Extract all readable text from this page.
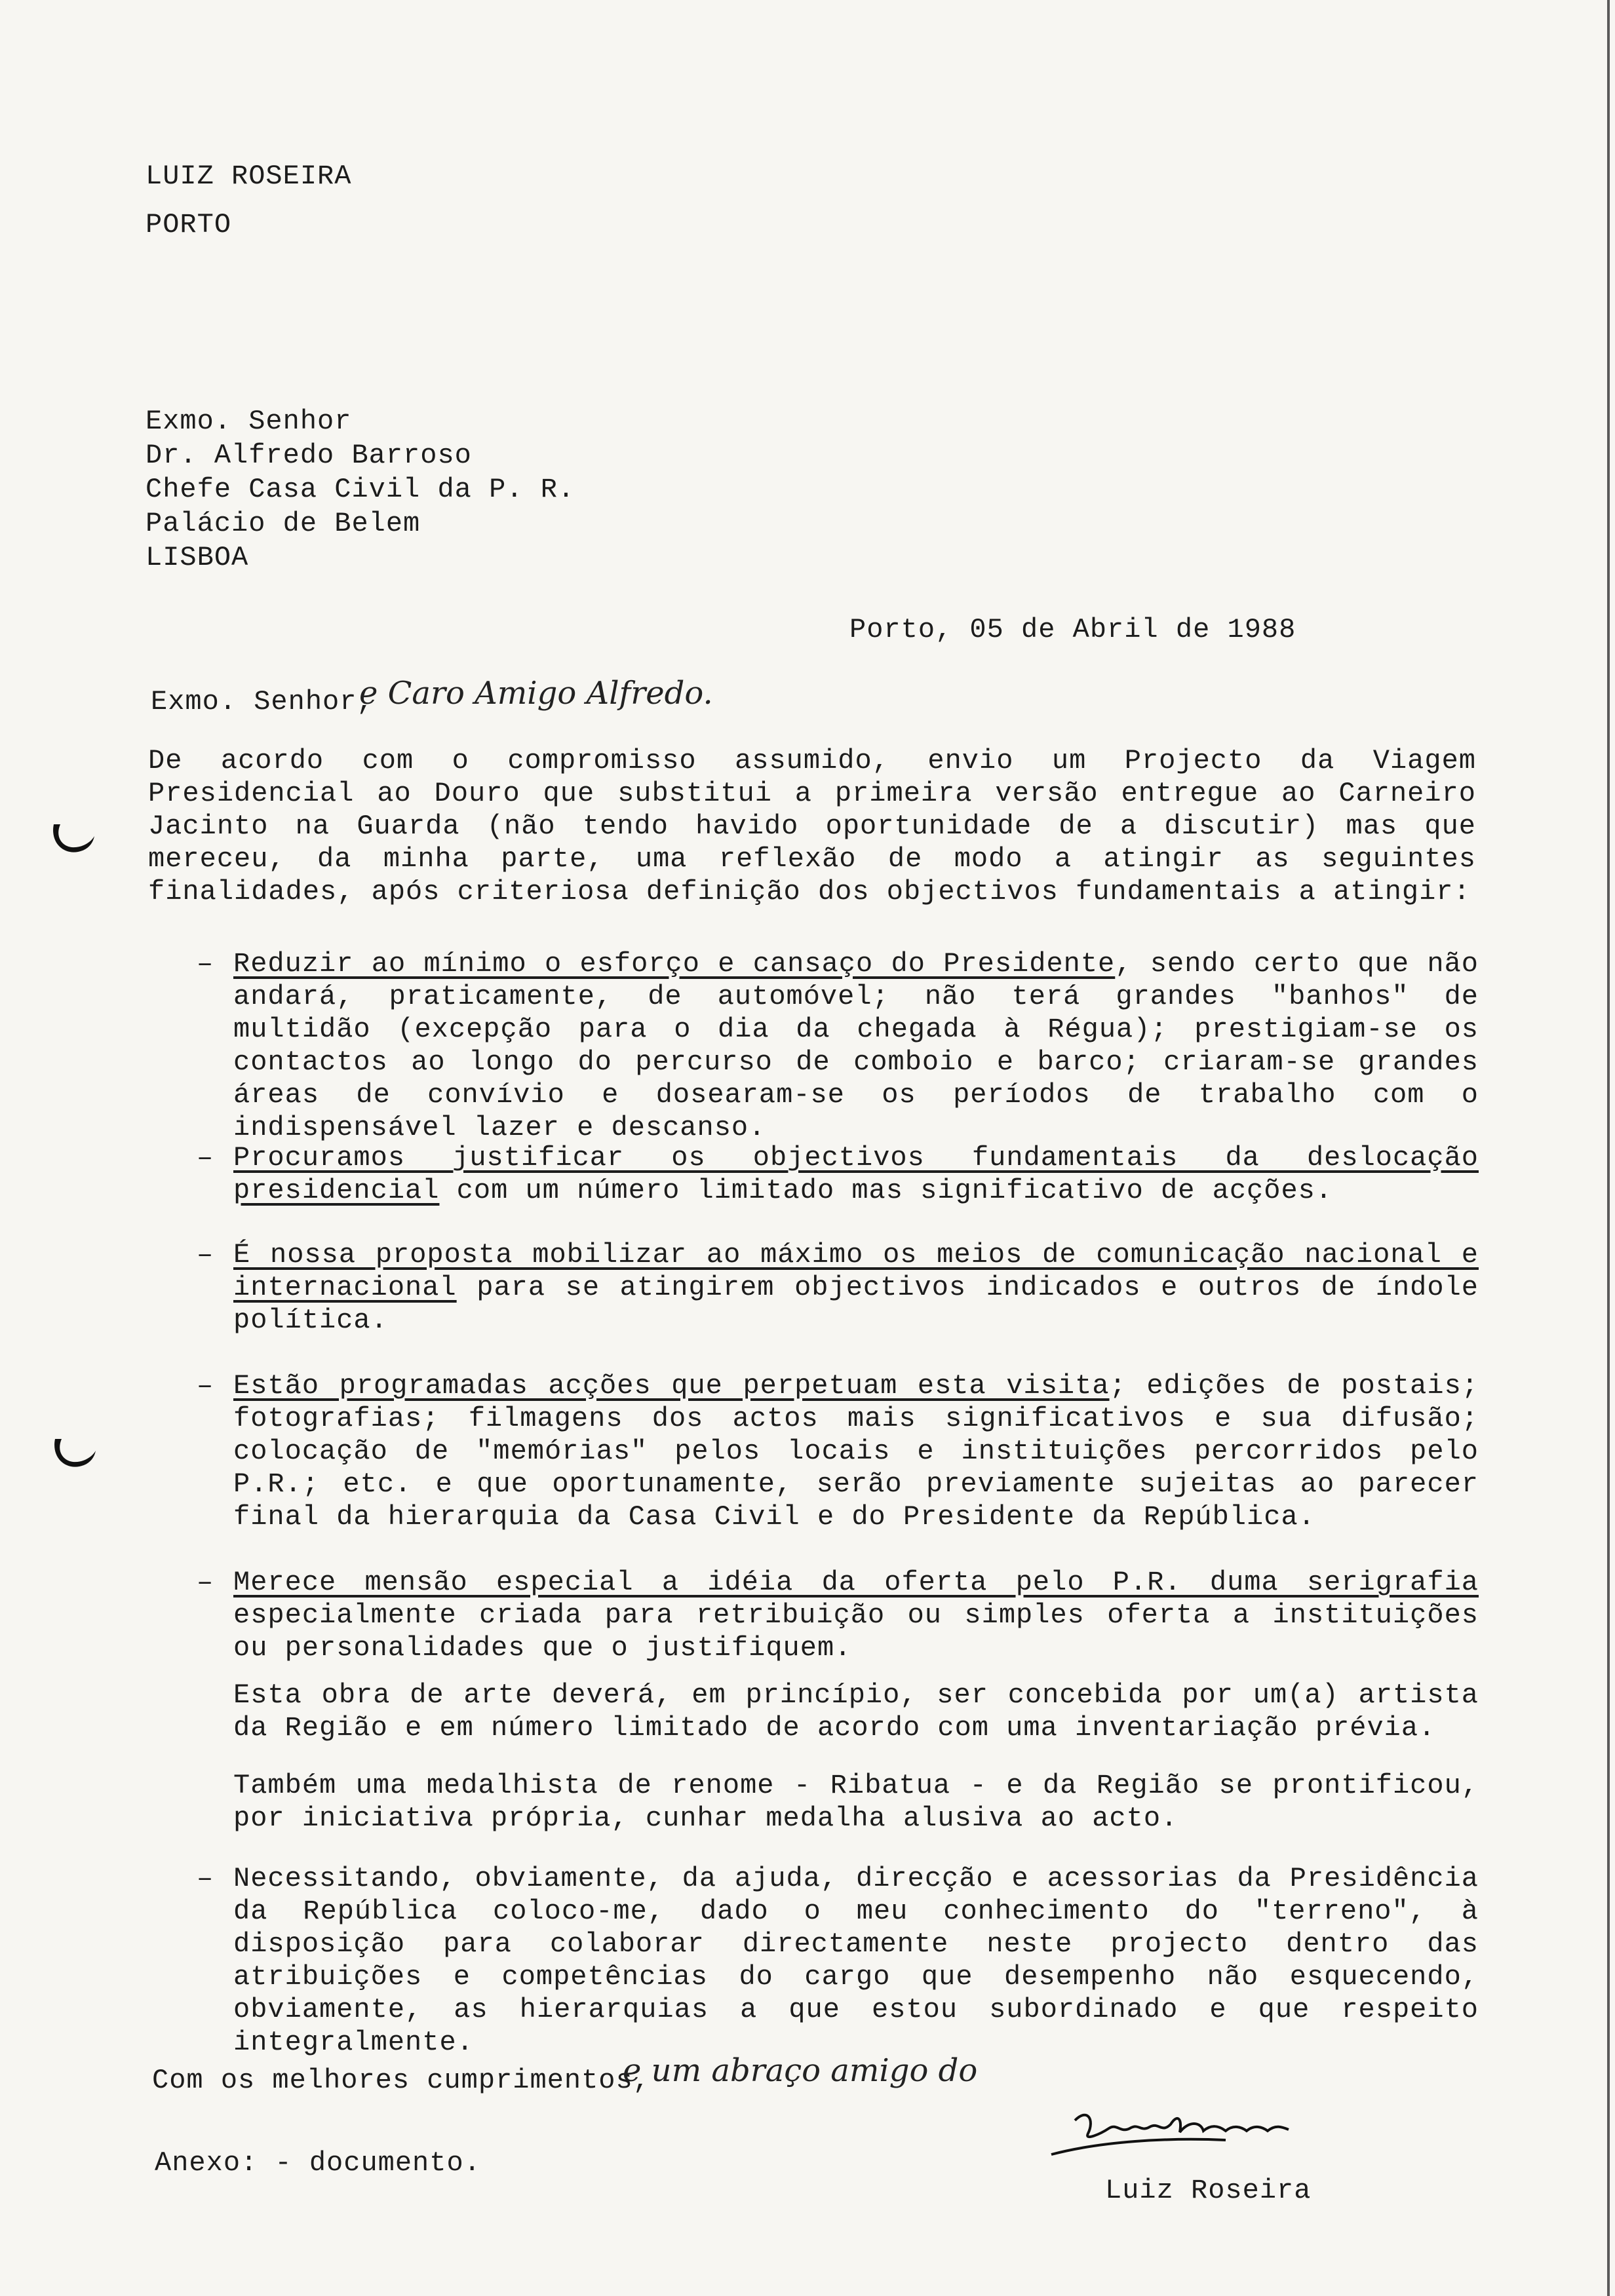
LUIZ ROSEIRA
PORTO
Exmo. Senhor
Dr. Alfredo Barroso
Chefe Casa Civil da P. R.
Palácio de Belem
LISBOA
Porto, 05 de Abril de 1988
Exmo. Senhor,
e Caro Amigo Alfredo.
De acordo com o compromisso assumido, envio um Projecto da Viagem Presidencial ao Douro que substitui a primeira versão entregue ao Carneiro Jacinto na Guarda (não tendo havido oportunidade de a discutir) mas que mereceu, da minha parte, uma reflexão de modo a atingir as seguintes finalidades, após criteriosa definição dos objectivos fundamentais a atingir:
– Reduzir ao mínimo o esforço e cansaço do Presidente, sendo certo que não andará, praticamente, de automóvel; não terá grandes "banhos" de multidão (excepção para o dia da chegada à Régua); prestigiam-se os contactos ao longo do percurso de comboio e barco; criaram-se grandes áreas de convívio e dosearam-se os períodos de trabalho com o indispensável lazer e descanso.
– Procuramos justificar os objectivos fundamentais da deslocação presidencial com um número limitado mas significativo de acções.
– É nossa proposta mobilizar ao máximo os meios de comunicação nacional e internacional para se atingirem objectivos indicados e outros de índole política.
– Estão programadas acções que perpetuam esta visita; edições de postais; fotografias; filmagens dos actos mais significativos e sua difusão; colocação de "memórias" pelos locais e instituições percorridos pelo P.R.; etc. e que oportunamente, serão previamente sujeitas ao parecer final da hierarquia da Casa Civil e do Presidente da República.
– Merece mensão especial a idéia da oferta pelo P.R. duma serigrafia especialmente criada para retribuição ou simples oferta a instituições ou personalidades que o justifiquem.
Esta obra de arte deverá, em princípio, ser concebida por um(a) artista da Região e em número limitado de acordo com uma inventariação prévia.
Também uma medalhista de renome - Ribatua - e da Região se prontificou, por iniciativa própria, cunhar medalha alusiva ao acto.
– Necessitando, obviamente, da ajuda, direcção e acessorias da Presidência da República coloco-me, dado o meu conhecimento do "terreno", à disposição para colaborar directamente neste projecto dentro das atribuições e competências do cargo que desempenho não esquecendo, obviamente, as hierarquias a que estou subordinado e que respeito integralmente.
Com os melhores cumprimentos,
e um abraço amigo do
Anexo: - documento.
Luiz Roseira
